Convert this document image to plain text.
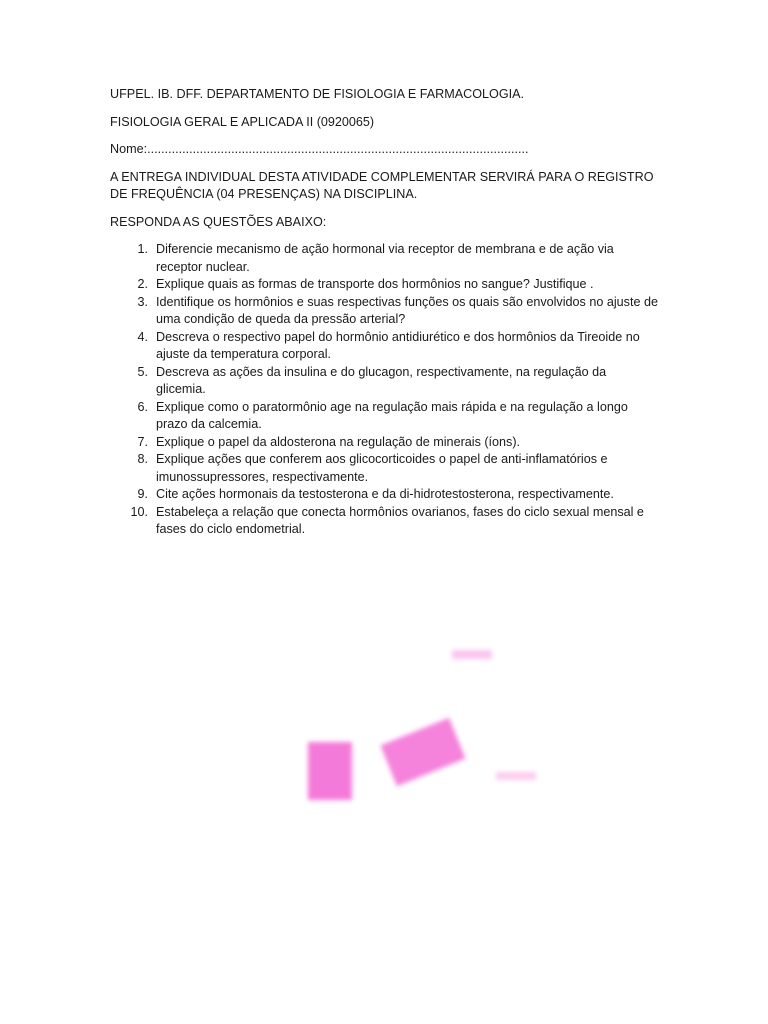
UFPEL. IB. DFF. DEPARTAMENTO DE FISIOLOGIA E FARMACOLOGIA.

FISIOLOGIA GERAL E APLICADA II (0920065)

Nome:.............................................................................................................

A ENTREGA INDIVIDUAL DESTA ATIVIDADE COMPLEMENTAR SERVIRÁ PARA O REGISTRO DE FREQUÊNCIA (04 PRESENÇAS) NA DISCIPLINA.

RESPONDA AS QUESTÕES ABAIXO:

1. Diferencie mecanismo de ação hormonal via receptor de membrana e de ação via receptor nuclear.
2. Explique quais as formas de transporte dos hormônios no sangue? Justifique .
3. Identifique os hormônios e suas respectivas funções os quais são envolvidos no ajuste de uma condição de queda da pressão arterial?
4. Descreva o respectivo papel do hormônio antidiurético e dos hormônios da Tireoide no ajuste da temperatura corporal.
5. Descreva as ações da insulina e do glucagon, respectivamente, na regulação da glicemia.
6. Explique como o paratormônio age na regulação mais rápida e na regulação a longo prazo da calcemia.
7. Explique o papel da aldosterona na regulação de minerais (íons).
8. Explique ações que conferem aos glicocorticoides o papel de anti-inflamatórios e imunossupressores, respectivamente.
9. Cite ações hormonais da testosterona e da di-hidrotestosterona, respectivamente.
10. Estabeleça a relação que conecta hormônios ovarianos, fases do ciclo sexual mensal e fases do ciclo endometrial.
